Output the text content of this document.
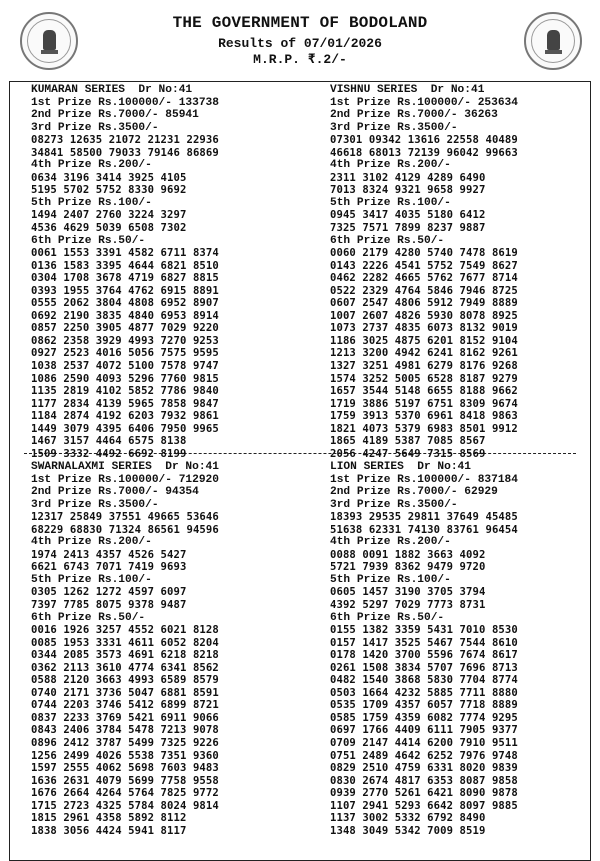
THE GOVERNMENT OF BODOLAND
Results of 07/01/2026
M.R.P. ₹.2/-
KUMARAN SERIES  Dr No:41
1st Prize Rs.100000/- 133738
2nd Prize Rs.7000/- 85941
3rd Prize Rs.3500/-
08273 12635 21072 21231 22936
34841 58500 79033 79146 86869
4th Prize Rs.200/-
0634 3196 3414 3925 4105
5195 5702 5752 8330 9692
5th Prize Rs.100/-
1494 2407 2760 3224 3297
4536 4629 5039 6508 7302
6th Prize Rs.50/-
0061 1553 3391 4582 6711 8374
0136 1583 3395 4644 6821 8510
0304 1708 3678 4719 6827 8815
0393 1955 3764 4762 6915 8891
0555 2062 3804 4808 6952 8907
0692 2190 3835 4840 6953 8914
0857 2250 3905 4877 7029 9220
0862 2358 3929 4993 7270 9253
0927 2523 4016 5056 7575 9595
1038 2537 4072 5100 7578 9747
1086 2590 4093 5296 7760 9815
1135 2819 4102 5852 7786 9840
1177 2834 4139 5965 7858 9847
1184 2874 4192 6203 7932 9861
1449 3079 4395 6406 7950 9965
1467 3157 4464 6575 8138
1509 3332 4492 6692 8199
VISHNU SERIES  Dr No:41
1st Prize Rs.100000/- 253634
2nd Prize Rs.7000/- 36263
3rd Prize Rs.3500/-
07301 09342 13616 22558 40489
46618 68013 72139 96042 99663
4th Prize Rs.200/-
2311 3102 4129 4289 6490
7013 8324 9321 9658 9927
5th Prize Rs.100/-
0945 3417 4035 5180 6412
7325 7571 7899 8237 9887
6th Prize Rs.50/-
0060 2179 4280 5740 7478 8619
0143 2226 4541 5752 7549 8627
0462 2282 4665 5762 7677 8714
0522 2329 4764 5846 7946 8725
0607 2547 4806 5912 7949 8889
1007 2607 4826 5930 8078 8925
1073 2737 4835 6073 8132 9019
1186 3025 4875 6201 8152 9104
1213 3200 4942 6241 8162 9261
1327 3251 4981 6279 8176 9268
1574 3252 5005 6528 8187 9279
1657 3544 5148 6655 8188 9662
1719 3886 5197 6751 8309 9674
1759 3913 5370 6961 8418 9863
1821 4073 5379 6983 8501 9912
1865 4189 5387 7085 8567
2056 4247 5649 7315 8569
SWARNALAXMI SERIES  Dr No:41
1st Prize Rs.100000/- 712920
2nd Prize Rs.7000/- 94354
3rd Prize Rs.3500/-
12317 25849 37551 49665 53646
68229 68830 71324 86561 94596
4th Prize Rs.200/-
1974 2413 4357 4526 5427
6621 6743 7071 7419 9693
5th Prize Rs.100/-
0305 1262 1272 4597 6097
7397 7785 8075 9378 9487
6th Prize Rs.50/-
0016 1926 3257 4552 6021 8128
0085 1953 3331 4611 6052 8204
0344 2085 3573 4691 6218 8218
0362 2113 3610 4774 6341 8562
0588 2120 3663 4993 6589 8579
0740 2171 3736 5047 6881 8591
0744 2203 3746 5412 6899 8721
0837 2233 3769 5421 6911 9066
0843 2406 3784 5478 7213 9078
0896 2412 3787 5499 7325 9226
1256 2499 4026 5538 7351 9360
1597 2555 4062 5698 7603 9483
1636 2631 4079 5699 7758 9558
1676 2664 4264 5764 7825 9772
1715 2723 4325 5784 8024 9814
1815 2961 4358 5892 8112
1838 3056 4424 5941 8117
LION SERIES  Dr No:41
1st Prize Rs.100000/- 837184
2nd Prize Rs.7000/- 62929
3rd Prize Rs.3500/-
18393 29535 29811 37649 45485
51638 62331 74130 83761 96454
4th Prize Rs.200/-
0088 0091 1882 3663 4092
5721 7939 8362 9479 9720
5th Prize Rs.100/-
0605 1457 3190 3705 3794
4392 5297 7029 7773 8731
6th Prize Rs.50/-
0155 1382 3359 5431 7010 8530
0157 1417 3525 5467 7544 8610
0178 1420 3700 5596 7674 8617
0261 1508 3834 5707 7696 8713
0482 1540 3868 5830 7704 8774
0503 1664 4232 5885 7711 8880
0535 1709 4357 6057 7718 8889
0585 1759 4359 6082 7774 9295
0697 1766 4409 6111 7905 9377
0709 2147 4414 6200 7910 9511
0751 2489 4642 6252 7976 9748
0829 2510 4759 6331 8020 9839
0830 2674 4817 6353 8087 9858
0939 2770 5261 6421 8090 9878
1107 2941 5293 6642 8097 9885
1137 3002 5332 6792 8490
1348 3049 5342 7009 8519
